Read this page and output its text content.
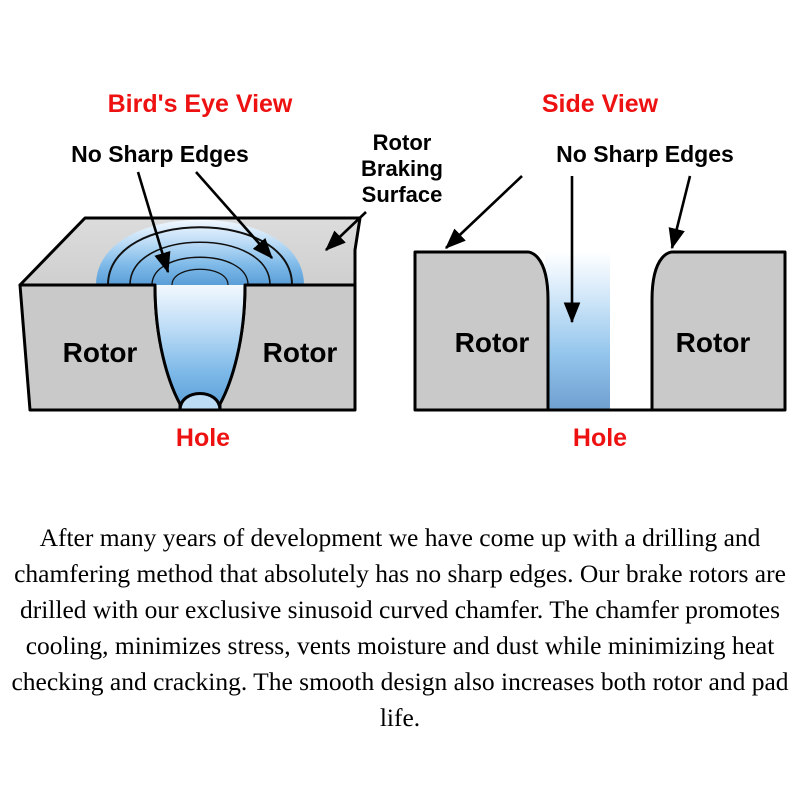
Bird's Eye View
No Sharp Edges	Rotor
Braking
Surface
Rotor	Rotor
Hole
Side View
No Sharp Edges
Rotor	Rotor
Hole
After many years of development we have come up with a drilling and chamfering method that absolutely has no sharp edges. Our brake rotors are drilled with our exclusive sinusoid curved chamfer. The chamfer promotes cooling, minimizes stress, vents moisture and dust while minimizing heat checking and cracking. The smooth design also increases both rotor and pad life.
